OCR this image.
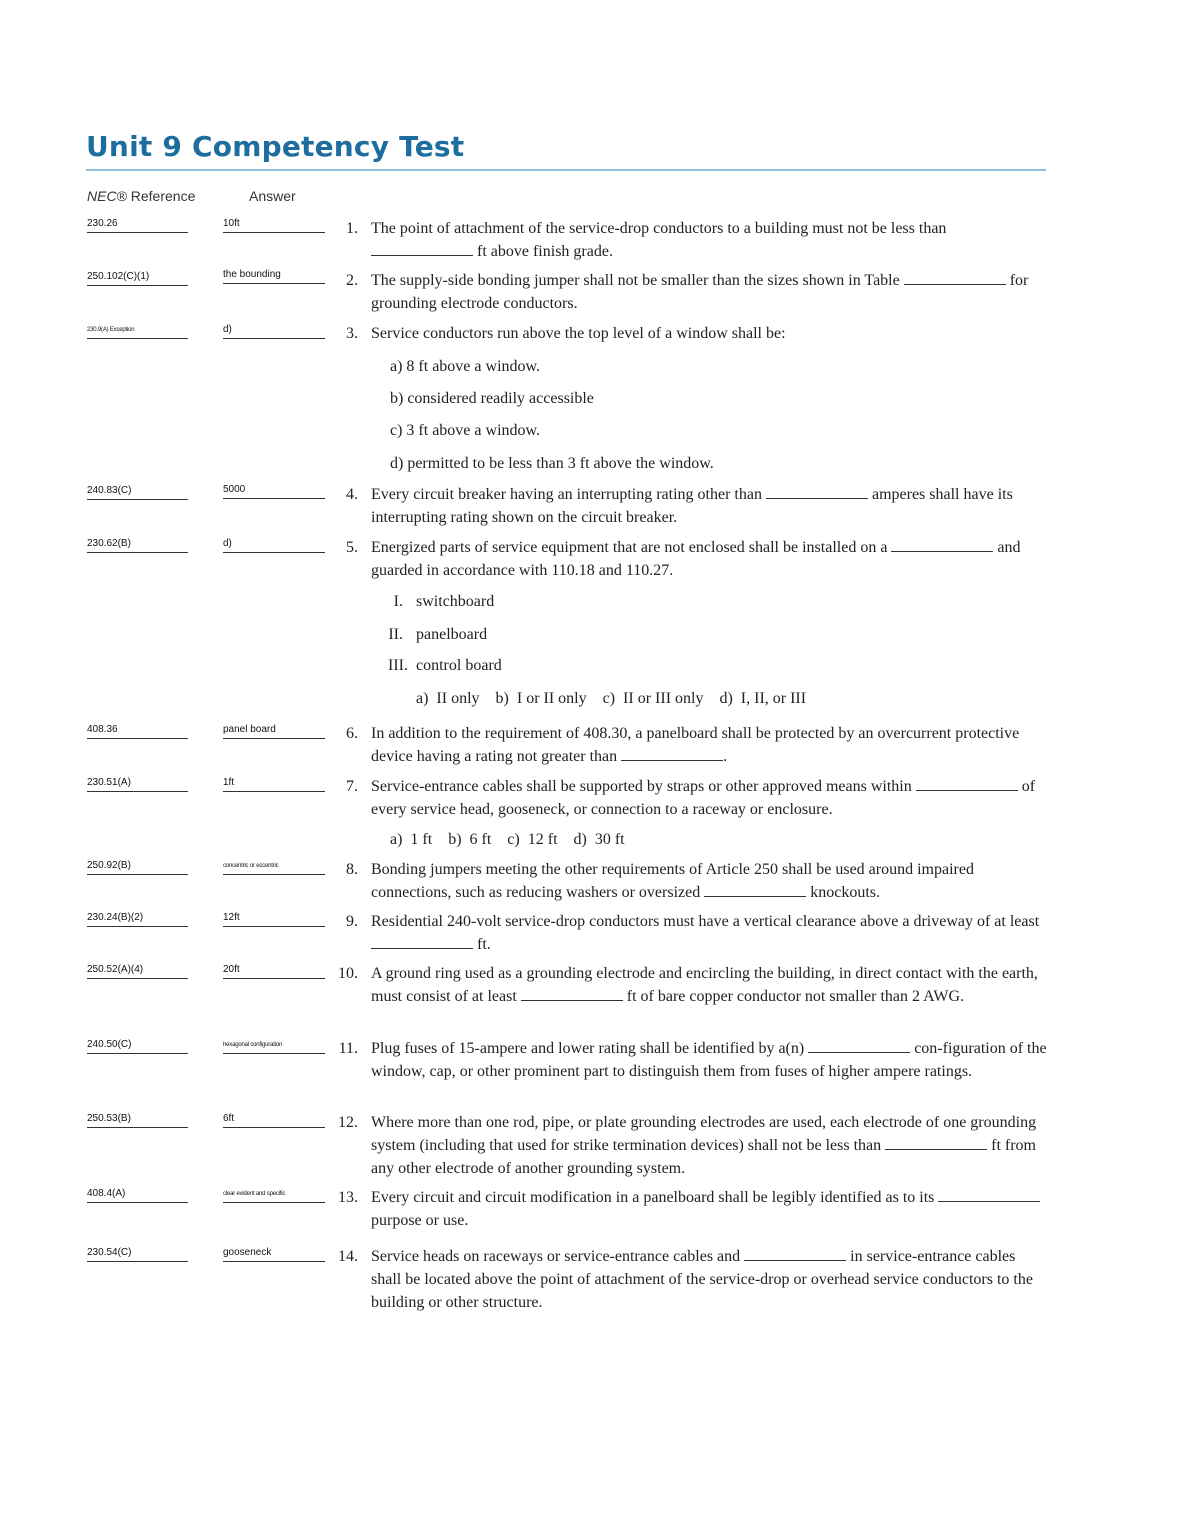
Unit 9 Competency Test
NEC® Reference	Answer
230.26	10ft	1. The point of attachment of the service-drop conductors to a building must not be less than  ft above finish grade.
250.102(C)(1)	the bounding	2. The supply-side bonding jumper shall not be smaller than the sizes shown in Table	for grounding electrode conductors.
230.9(A) Exception	d)	3. Service conductors run above the top level of a window shall be:
a) 8 ft above a window.
b) considered readily accessible
c) 3 ft above a window.
d) permitted to be less than 3 ft above the window.
240.83(C)	5000	4. Every circuit breaker having an interrupting rating other than	amperes shall have its interrupting rating shown on the circuit breaker.
230.62(B)	d)	5. Energized parts of service equipment that are not enclosed shall be installed on a	and guarded in accordance with 110.18 and 110.27.
I. switchboard
II. panelboard
III. control board
a)  II only    b)  I or II only    c)  II or III only    d)  I, II, or III
408.36	panel board	6. In addition to the requirement of 408.30, a panelboard shall be protected by an overcurrent protective device having a rating not greater than	.
230.51(A)	1ft	7. Service-entrance cables shall be supported by straps or other approved means within	of every service head, gooseneck, or connection to a raceway or enclosure.
a)  1 ft    b)  6 ft    c)  12 ft    d)  30 ft
250.92(B)	concentric or eccentric	8. Bonding jumpers meeting the other requirements of Article 250 shall be used around impaired connections, such as reducing washers or oversized	knockouts.
230.24(B)(2)	12ft	9. Residential 240-volt service-drop conductors must have a vertical clearance above a driveway of at least  ft.
250.52(A)(4)	20ft	10. A ground ring used as a grounding electrode and encircling the building, in direct contact with the earth, must consist of at least	ft of bare copper conductor not smaller than 2 AWG.
240.50(C)	hexagonal configuration	11. Plug fuses of 15-ampere and lower rating shall be identified by a(n)	con-figuration of the window, cap, or other prominent part to distinguish them from fuses of higher ampere ratings.
250.53(B)	6ft	12. Where more than one rod, pipe, or plate grounding electrodes are used, each electrode of one grounding system (including that used for strike termination devices) shall not be less than	ft from any other electrode of another grounding system.
408.4(A)	clear evident and specific	13. Every circuit and circuit modification in a panelboard shall be legibly identified as to its  purpose or use.
230.54(C)	gooseneck	14. Service heads on raceways or service-entrance cables and	in service-entrance cables shall be located above the point of attachment of the service-drop or overhead service conductors to the building or other structure.
